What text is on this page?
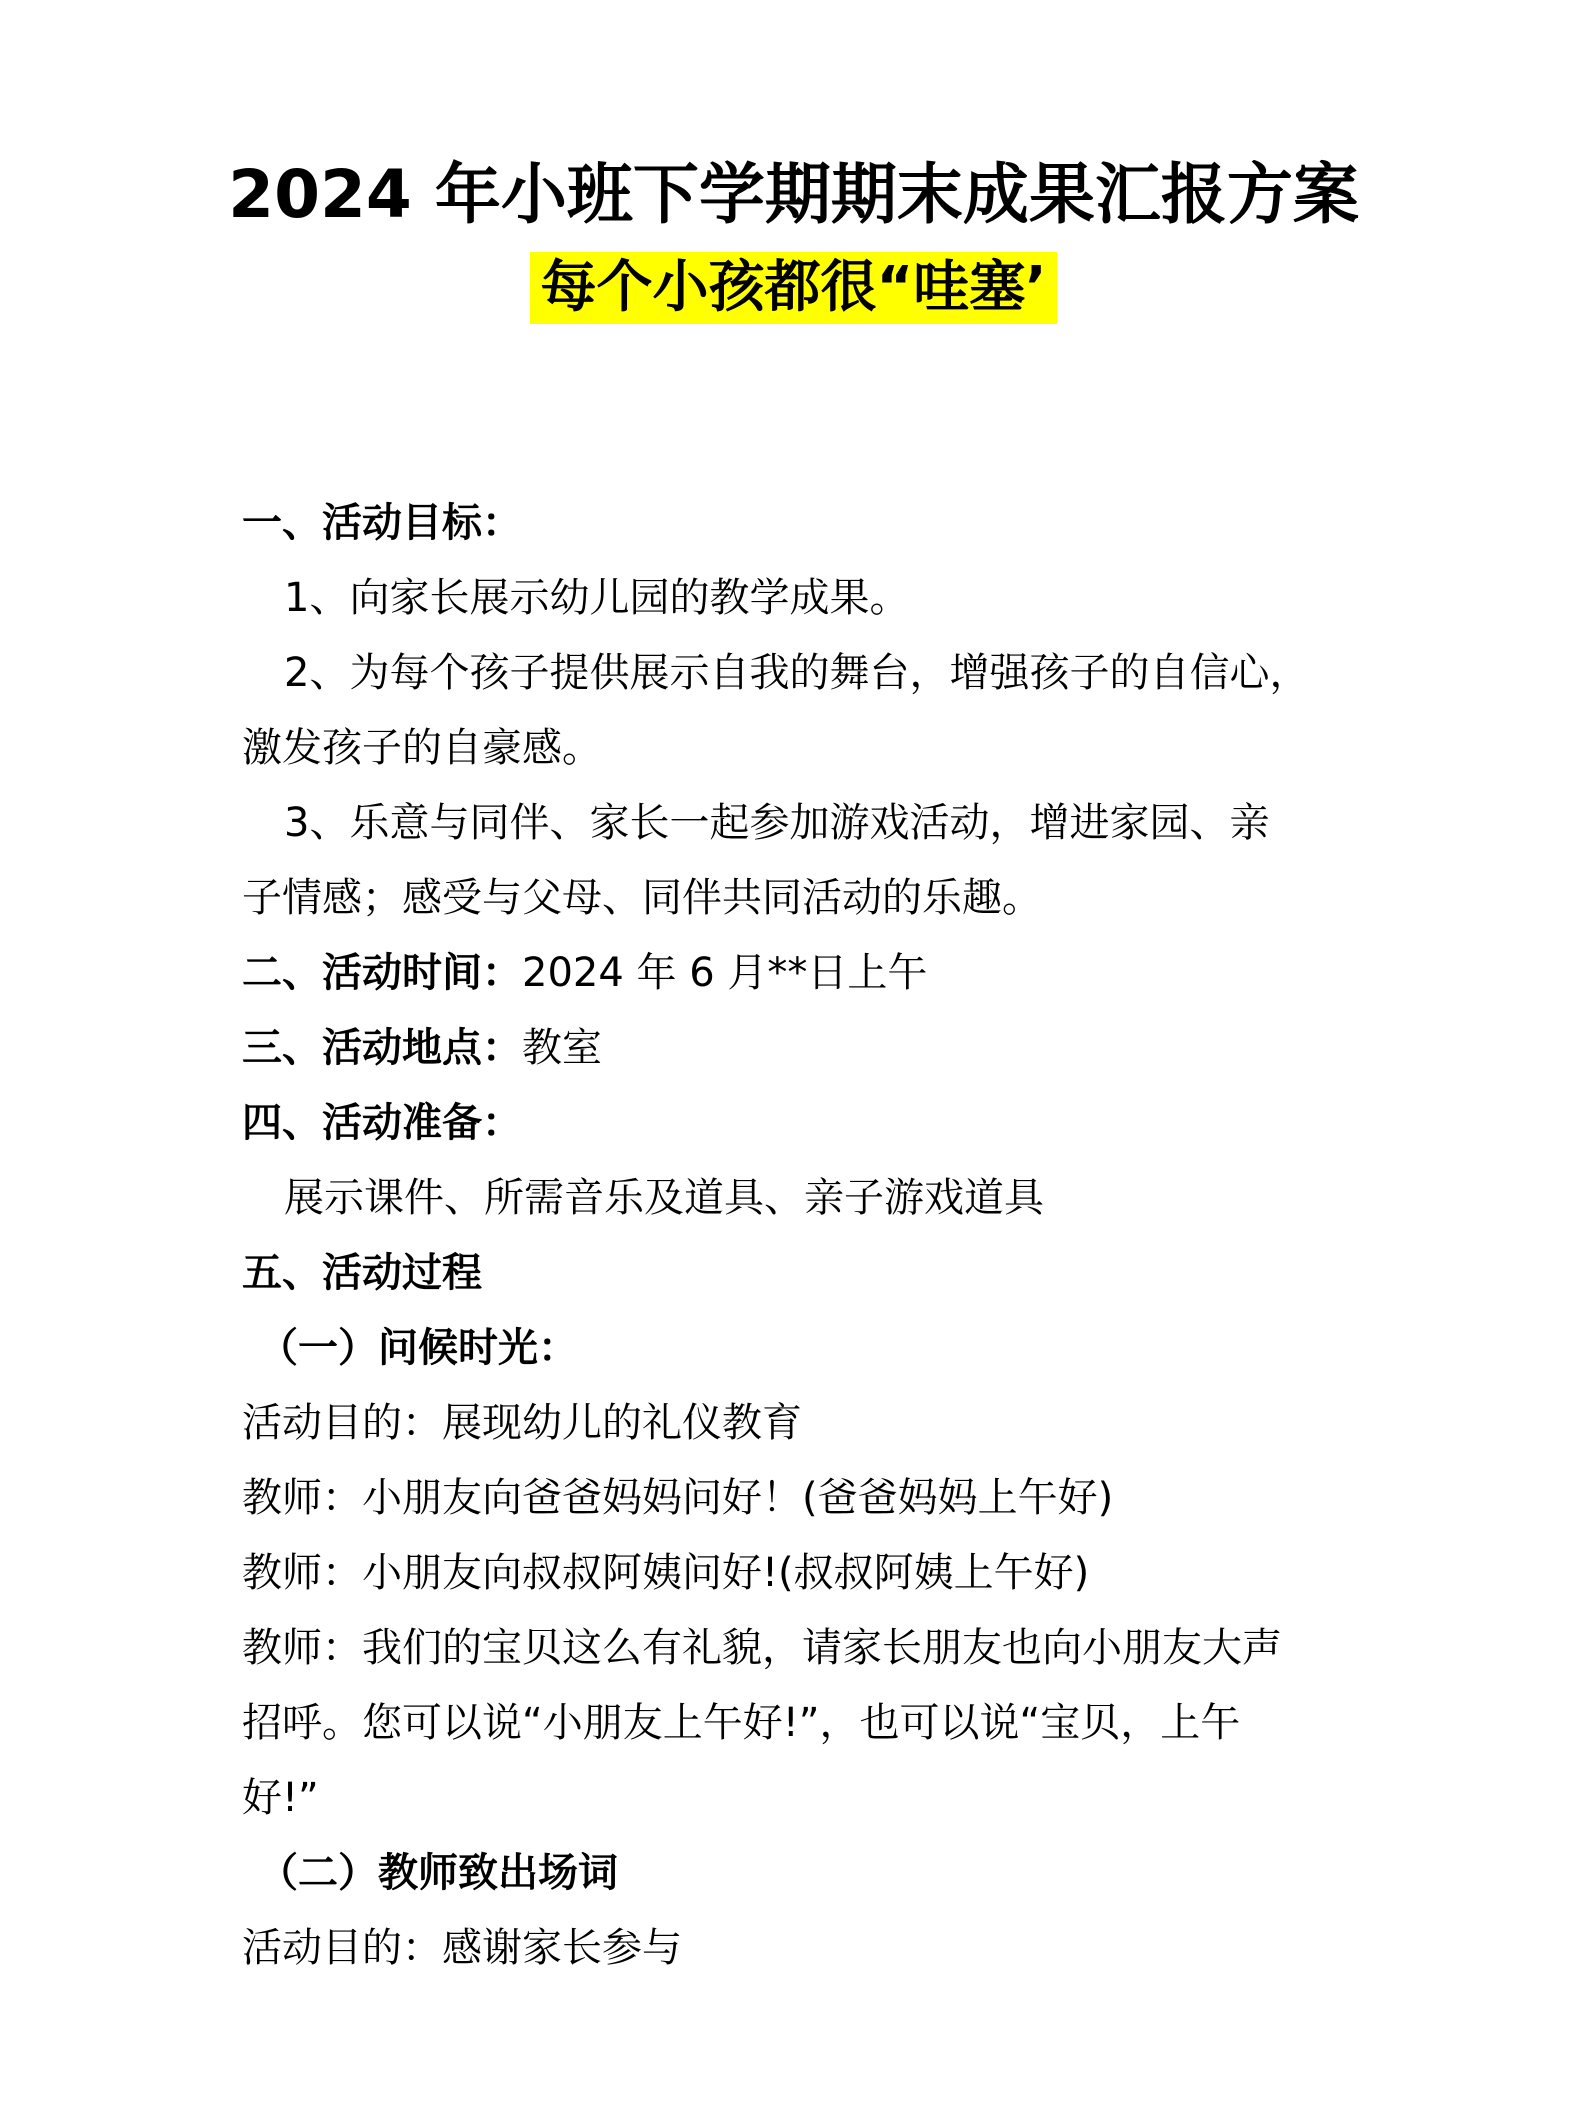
2024 年小班下学期期末成果汇报方案
每个小孩都很“哇塞’
一、活动目标：
1、向家长展示幼儿园的教学成果。
2、为每个孩子提供展示自我的舞台，增强孩子的自信心，
激发孩子的自豪感。
3、乐意与同伴、家长一起参加游戏活动，增进家园、亲
子情感；感受与父母、同伴共同活动的乐趣。
二、活动时间：2024 年 6 月**日上午
三、活动地点：教室
四、活动准备：
展示课件、所需音乐及道具、亲子游戏道具
五、活动过程
（一）问候时光：
活动目的：展现幼儿的礼仪教育
教师：小朋友向爸爸妈妈问好！(爸爸妈妈上午好)
教师：小朋友向叔叔阿姨问好!(叔叔阿姨上午好)
教师：我们的宝贝这么有礼貌，请家长朋友也向小朋友大声
招呼。您可以说“小朋友上午好!”，也可以说“宝贝，上午
好!”
（二）教师致出场词
活动目的：感谢家长参与
